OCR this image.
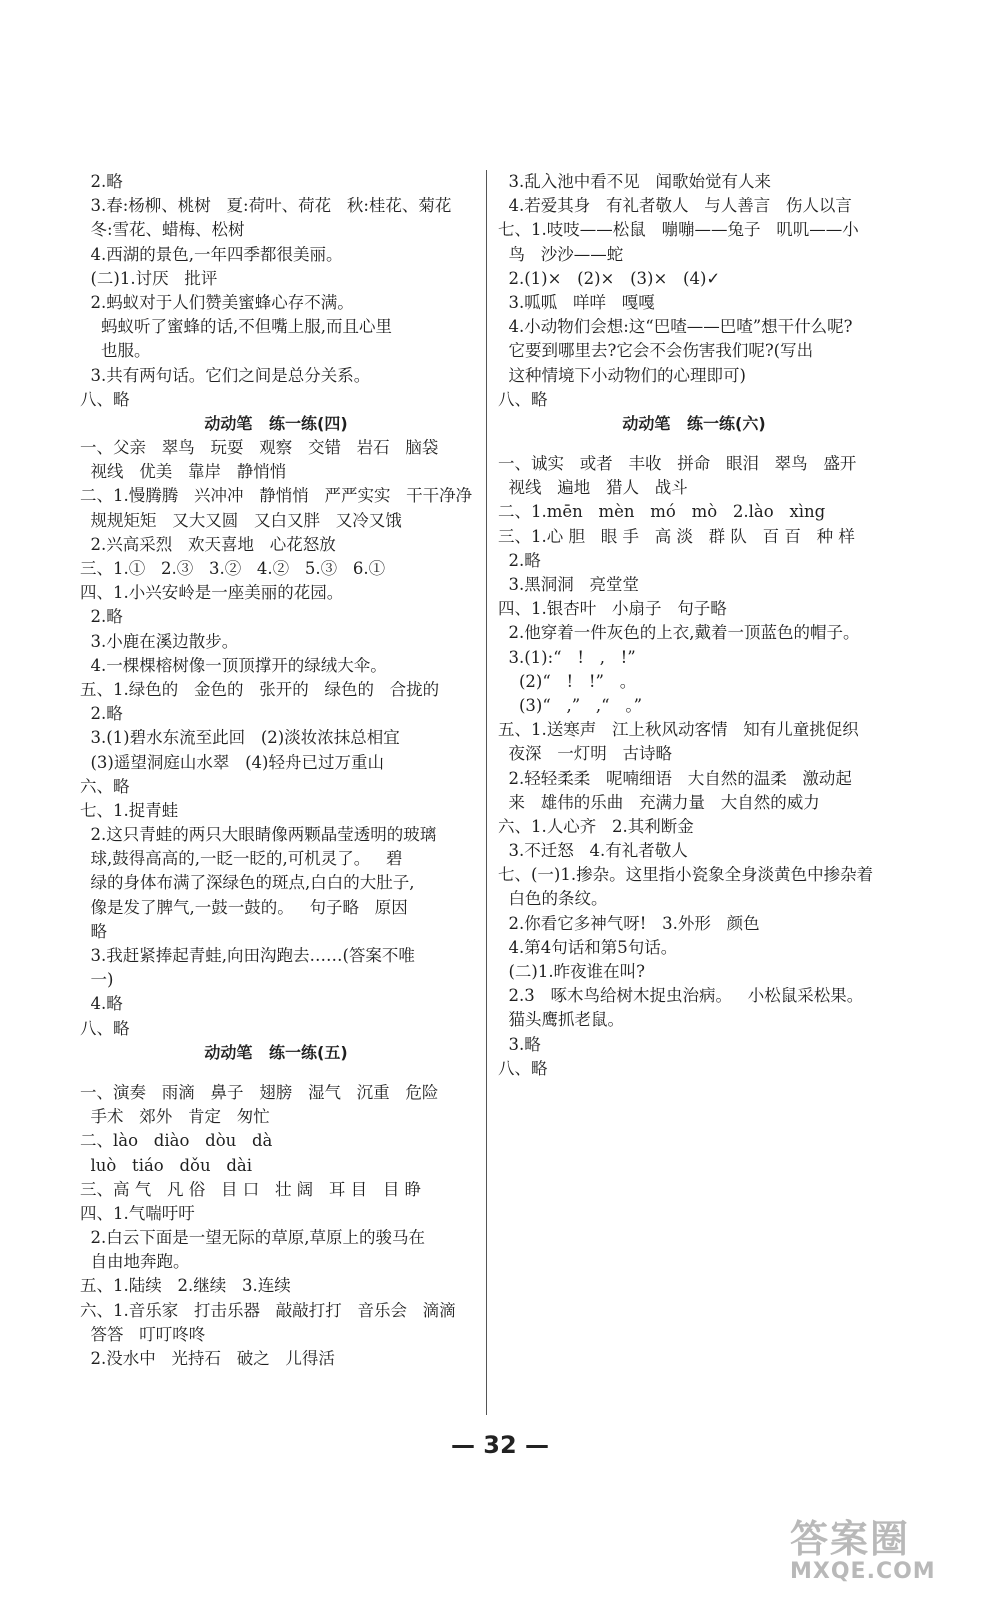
2.略
3.春:杨柳、桃树   夏:荷叶、荷花   秋:桂花、菊花
冬:雪花、蜡梅、松树
4.西湖的景色,一年四季都很美丽。
(二)1.讨厌   批评
2.蚂蚁对于人们赞美蜜蜂心存不满。
蚂蚁听了蜜蜂的话,不但嘴上服,而且心里
也服。
3.共有两句话。它们之间是总分关系。
八、略
动动笔   练一练(四)
一、父亲   翠鸟   玩耍   观察   交错   岩石   脑袋
视线   优美   靠岸   静悄悄
二、1.慢腾腾   兴冲冲   静悄悄   严严实实   干干净净
规规矩矩   又大又圆   又白又胖   又冷又饿
2.兴高采烈   欢天喜地   心花怒放
三、1.①   2.③   3.②   4.②   5.③   6.①
四、1.小兴安岭是一座美丽的花园。
2.略
3.小鹿在溪边散步。
4.一棵棵榕树像一顶顶撑开的绿绒大伞。
五、1.绿色的   金色的   张开的   绿色的   合拢的
2.略
3.(1)碧水东流至此回   (2)淡妆浓抹总相宜
(3)遥望洞庭山水翠   (4)轻舟已过万重山
六、略
七、1.捉青蛙
2.这只青蛙的两只大眼睛像两颗晶莹透明的玻璃
球,鼓得高高的,一眨一眨的,可机灵了。   碧
绿的身体布满了深绿色的斑点,白白的大肚子,
像是发了脾气,一鼓一鼓的。   句子略   原因
略
3.我赶紧捧起青蛙,向田沟跑去……(答案不唯
一)
4.略
八、略
动动笔   练一练(五)
一、演奏   雨滴   鼻子   翅膀   湿气   沉重   危险
手术   郊外   肯定   匆忙
二、lào   diào   dòu   dà
luò   tiáo   dǒu   dài
三、高 气   凡 俗   目 口   壮 阔   耳 目   目 睁
四、1.气喘吁吁
2.白云下面是一望无际的草原,草原上的骏马在
自由地奔跑。
五、1.陆续   2.继续   3.连续
六、1.音乐家   打击乐器   敲敲打打   音乐会   滴滴
答答   叮叮咚咚
2.没水中   光持石   破之   儿得活
3.乱入池中看不见   闻歌始觉有人来
4.若爱其身   有礼者敬人   与人善言   伤人以言
七、1.吱吱——松鼠   嘣嘣——兔子   叽叽——小
鸟   沙沙——蛇
2.(1)×   (2)×   (3)×   (4)✓
3.呱呱   咩咩   嘎嘎
4.小动物们会想:这“巴喳——巴喳”想干什么呢?
它要到哪里去?它会不会伤害我们呢?(写出
这种情境下小动物们的心理即可)
八、略
动动笔   练一练(六)
一、诚实   或者   丰收   拼命   眼泪   翠鸟   盛开
视线   遍地   猎人   战斗
二、1.mēn   mèn   mó   mò   2.lào   xìng
三、1.心 胆   眼 手   高 淡   群 队   百 百   种 样
2.略
3.黑洞洞   亮堂堂
四、1.银杏叶   小扇子   句子略
2.他穿着一件灰色的上衣,戴着一顶蓝色的帽子。
3.(1):“   !   ,   !”
(2)“   !   !”   。
(3)“   ,”   ,“   。”
五、1.送寒声   江上秋风动客情   知有儿童挑促织
夜深   一灯明   古诗略
2.轻轻柔柔   呢喃细语   大自然的温柔   激动起
来   雄伟的乐曲   充满力量   大自然的威力
六、1.人心齐   2.其利断金
3.不迁怒   4.有礼者敬人
七、(一)1.掺杂。这里指小瓷象全身淡黄色中掺杂着
白色的条纹。
2.你看它多神气呀!   3.外形   颜色
4.第4句话和第5句话。
(二)1.昨夜谁在叫?
2.3   啄木鸟给树木捉虫治病。   小松鼠采松果。
猫头鹰抓老鼠。
3.略
八、略
— 32 —
答案圈
MXQE.COM
